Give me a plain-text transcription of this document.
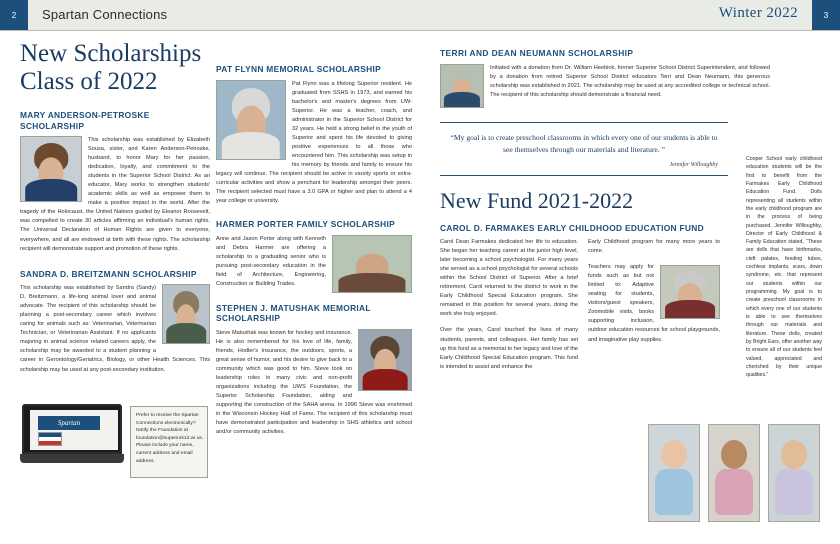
2	3
Spartan Connections	Winter 2022
New Scholarships
Class of 2022
MARY ANDERSON-PETROSKE SCHOLARSHIP
This scholarship was established by Elizabeth Sousa, sister, and Karen Anderson-Petroske, husband, to honor Mary for her passion, dedication, loyalty, and commitment to the students in the Superior School District. As an educator, Mary works to strengthen students' academic skills as well as empower them to make a positive impact in the world. After the tragedy of the Holocaust, the United Nations guided by Eleanor Roosevelt, was compelled to create 30 articles affirming an individual's human rights. The Universal Declaration of Human Rights are given to everyone, everywhere, and all are endowed at birth with these rights. The scholarship recipient will demonstrate support and promotion of these rights.
SANDRA D. BREITZMANN SCHOLARSHIP
This scholarship was established by Sandra (Sandy) D. Breitzmann, a life-long animal lover and animal advocate. The recipient of this scholarship should be planning a post-secondary career which involves caring for animals such as: Veterinarian, Veterinarian Technician, or Veterinarian Assistant. If no applicants majoring in animal science related careers apply, the scholarship may be awarded to a student planning a career in Gerontology/Geriatrics, Biology, or other Health Sciences. This scholarship may be used at any post-secondary institution.
PAT FLYNN MEMORIAL SCHOLARSHIP
Pat Flynn was a lifelong Superior resident. He graduated from SSHS in 1973, and earned his bachelor's and master's degrees from UW-Superior. He was a teacher, coach, and administrator in the Superior School District for 32 years. He held a strong belief in the youth of Superior and spent his life devoted to giving positive experiences to all those who encountered him. This scholarship was setup in his memory by friends and family to ensure his legacy will continue. The recipient should be active in varsity sports or extra-curricular activities and show a penchant for leadership amongst their peers. The recipient selected must have a 3.0 GPA or higher and plan to attend a 4 year college or university.
HARMER PORTER FAMILY SCHOLARSHIP
Anne and Jason Porter along with Kenneth and Debra Harmer are offering a scholarship to a graduating senior who is pursuing post-secondary education in the field of Architecture, Engineering, Construction or Building Trades.
STEPHEN J. MATUSHAK MEMORIAL SCHOLARSHIP
Steve Matushak was known for hockey and insurance. He is also remembered for his love of life, family, friends, Hodler's Insurance, the outdoors, sports, a great sense of humor, and his desire to give back to a community which was good to him. Steve took on leadership roles in many civic and non-profit organizations including the UWS Foundation, the Superior Scholarship Foundation, aiding and supporting the construction of the SAHA arena. In 1996 Steve was enshrined in the Wisconsin Hockey Hall of Fame. The recipient of this scholarship must have demonstrated participation and leadership in SHS athletics and school and/or community activities.
TERRI AND DEAN NEUMANN SCHOLARSHIP
Initiated with a donation from Dr. William Heebink, former Superior School District Superintendent, and followed by a donation from retired Superior School District educators Terri and Dean Neumann, this generous scholarship was established in 2021. The scholarship may be used at any accredited college or technical school. The recipient of this scholarship should demonstrate a financial need.
“My goal is to create preschool classrooms in which every one of our students is able to see themselves through our materials and literature. ”
Jennifer Willoughby
New Fund 2021-2022
CAROL D. FARMAKES EARLY CHILDHOOD EDUCATION FUND
Carol Dean Farmakes dedicated her life to education. She began her teaching career at the junior high level, later becoming a school psychologist. For many years she served as a school psychologist for several schools within the School District of Superior. After a brief retirement, Carol returned to the district to work in the Early Childhood Special Education program. She remained in this position for several years, doing the work she truly enjoyed.
Over the years, Carol touched the lives of many students, parents, and colleagues. Her family has set up this fund as a memorial to her legacy and love of the Early Childhood Special Education program. This fund is intended to assist and enhance the
Early Childhood program for many more years to come.
Teachers may apply for funds such as but not limited to: Adaptive seating for students, visitors/guest speakers, Zoomobile visits, books supporting inclusion, outdoor education resources for school playgrounds, and imaginative play supplies.
Cooper School early childhood education students will be the first to benefit from the Farmakes Early Childhood Education Fund. Dolls representing all students within the early childhood program are in the process of being purchased. Jennifer Willoughby, Director of Early Childhood & Family Education stated, “These are dolls that have birthmarks, cleft palates, feeding tubes, cochlear implants, scars, down syndrome, etc. that represent our students within our programming. My goal is to create preschool classrooms in which every one of our students is able to see themselves through our materials and literature. These dolls, created by Bright Ears, offer another way to ensure all of our students feel valued, appreciated and cherished by their unique qualities.”
Spartan
Prefer to receive the Spartan Connections electronically? Notify the Foundation at foundation@superiork12.wi.us. Please include your name, current address and email address.
